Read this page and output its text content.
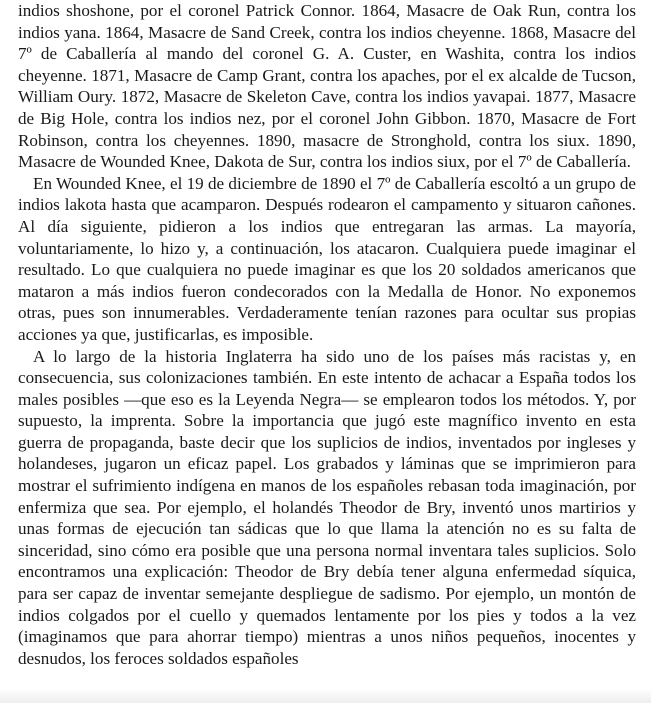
indios shoshone, por el coronel Patrick Connor. 1864, Masacre de Oak Run, contra los indios yana. 1864, Masacre de Sand Creek, contra los indios cheyenne. 1868, Masacre del 7º de Caballería al mando del coronel G. A. Custer, en Washita, contra los indios cheyenne. 1871, Masacre de Camp Grant, contra los apaches, por el ex alcalde de Tucson, William Oury. 1872, Masacre de Skeleton Cave, contra los indios yavapai. 1877, Masacre de Big Hole, contra los indios nez, por el coronel John Gibbon. 1870, Masacre de Fort Robinson, contra los cheyennes. 1890, masacre de Stronghold, contra los siux. 1890, Masacre de Wounded Knee, Dakota de Sur, contra los indios siux, por el 7º de Caballería.

En Wounded Knee, el 19 de diciembre de 1890 el 7º de Caballería escoltó a un grupo de indios lakota hasta que acamparon. Después rodearon el campamento y situaron cañones. Al día siguiente, pidieron a los indios que entregaran las armas. La mayoría, voluntariamente, lo hizo y, a continuación, los atacaron. Cualquiera puede imaginar el resultado. Lo que cualquiera no puede imaginar es que los 20 soldados americanos que mataron a más indios fueron condecorados con la Medalla de Honor. No exponemos otras, pues son innumerables. Verdaderamente tenían razones para ocultar sus propias acciones ya que, justificarlas, es imposible.

A lo largo de la historia Inglaterra ha sido uno de los países más racistas y, en consecuencia, sus colonizaciones también. En este intento de achacar a España todos los males posibles —que eso es la Leyenda Negra— se emplearon todos los métodos. Y, por supuesto, la imprenta. Sobre la importancia que jugó este magnífico invento en esta guerra de propaganda, baste decir que los suplicios de indios, inventados por ingleses y holandeses, jugaron un eficaz papel. Los grabados y láminas que se imprimieron para mostrar el sufrimiento indígena en manos de los españoles rebasan toda imaginación, por enfermiza que sea. Por ejemplo, el holandés Theodor de Bry, inventó unos martirios y unas formas de ejecución tan sádicas que lo que llama la atención no es su falta de sinceridad, sino cómo era posible que una persona normal inventara tales suplicios. Solo encontramos una explicación: Theodor de Bry debía tener alguna enfermedad síquica, para ser capaz de inventar semejante despliegue de sadismo. Por ejemplo, un montón de indios colgados por el cuello y quemados lentamente por los pies y todos a la vez (imaginamos que para ahorrar tiempo) mientras a unos niños pequeños, inocentes y desnudos, los feroces soldados españoles
